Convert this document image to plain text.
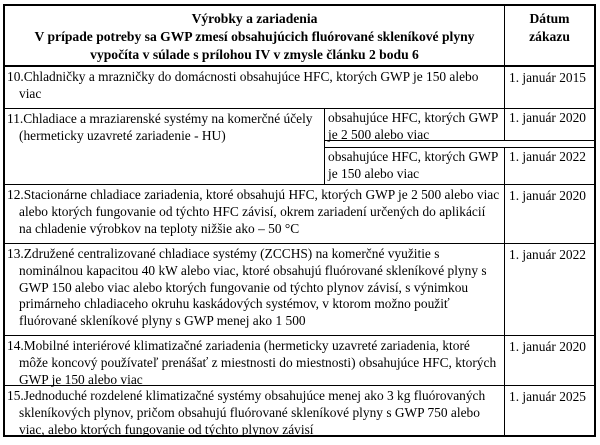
Výrobky a zariadenia
V prípade potreby sa GWP zmesí obsahujúcich fluórované skleníkové plyny
vypočíta v súlade s prílohou IV v zmysle článku 2 bodu 6
Dátum
zákazu
10.Chladničky a mrazničky do domácnosti obsahujúce HFC, ktorých GWP je 150 alebo viac
1. január 2015
11.Chladiace a mraziarenské systémy na komerčné účely (hermeticky uzavreté zariadenie - HU)
obsahujúce HFC, ktorých GWP je 2 500 alebo viac
1. január 2020
obsahujúce HFC, ktorých GWP je 150 alebo viac
1. január 2022
12.Stacionárne chladiace zariadenia, ktoré obsahujú HFC, ktorých GWP je 2 500 alebo viac alebo ktorých fungovanie od týchto HFC závisí, okrem zariadení určených do aplikácií na chladenie výrobkov na teploty nižšie ako – 50 °C
1. január 2020
13.Združené centralizované chladiace systémy (ZCCHS) na komerčné využitie s nominálnou kapacitou 40 kW alebo viac, ktoré obsahujú fluórované skleníkové plyny s GWP 150 alebo viac alebo ktorých fungovanie od týchto plynov závisí, s výnimkou primárneho chladiaceho okruhu kaskádových systémov, v ktorom možno použiť fluórované skleníkové plyny s GWP menej ako 1 500
1. január 2022
14.Mobilné interiérové klimatizačné zariadenia (hermeticky uzavreté zariadenia, ktoré môže koncový používateľ prenášať z miestnosti do miestnosti) obsahujúce HFC, ktorých GWP je 150 alebo viac
1. január 2020
15.Jednoduché rozdelené klimatizačné systémy obsahujúce menej ako 3 kg fluórovaných skleníkových plynov, pričom obsahujú fluórované skleníkové plyny s GWP 750 alebo viac, alebo ktorých fungovanie od týchto plynov závisí
1. január 2025
